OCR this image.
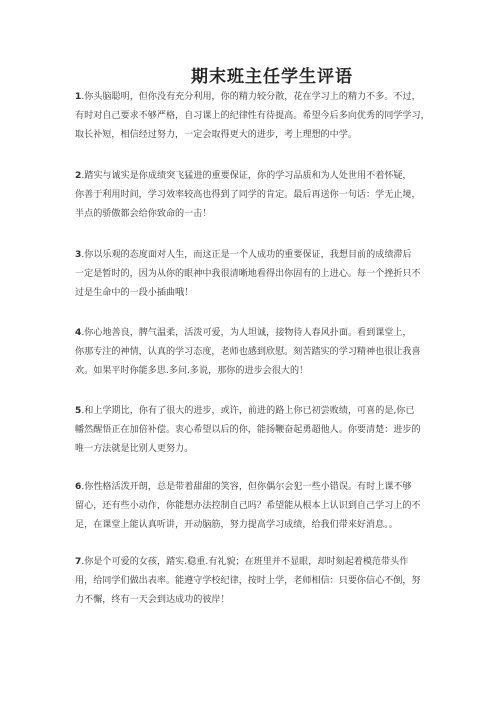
期末班主任学生评语
1.你头脑聪明，但你没有充分利用，你的精力较分散，花在学习上的精力不多。不过，
有时对自己要求不够严格，自习课上的纪律性有待提高。希望今后多向优秀的同学学习，
取长补短，相信经过努力，一定会取得更大的进步，考上理想的中学。
2.踏实与诚实是你成绩突飞猛进的重要保证，你的学习品质和为人处世用不着怀疑，
你善于利用时间，学习效率较高也得到了同学的肯定。最后再送你一句话：学无止境，
半点的骄傲都会给你致命的一击！
3.你以乐观的态度面对人生，而这正是一个人成功的重要保证，我想目前的成绩滞后
一定是暂时的，因为从你的眼神中我很清晰地看得出你固有的上进心。每一个挫折只不
过是生命中的一段小插曲哦！
4.你心地善良，脾气温柔，活泼可爱，为人坦诚，接物待人春风扑面。看到课堂上，
你那专注的神情，认真的学习态度，老师也感到欣慰。刻苦踏实的学习精神也很让我喜
欢。如果平时你能多思.多问.多说，那你的进步会很大的！
5.和上学期比，你有了很大的进步，或许，前进的路上你已初尝败绩，可喜的是,你已
幡然醒悟正在加倍补偿。衷心希望以后的你，能扬鞭奋起勇超他人。你要清楚：进步的
唯一方法就是比别人更努力。
6.你性格活泼开朗，总是带着甜甜的笑容，但你偶尔会犯一些小错误。有时上课不够
留心，还有些小动作，你能想办法控制自己吗？希望能从根本上认识到自己学习上的不
足，在课堂上能认真听讲，开动脑筋，努力提高学习成绩，给我们带来好消息。。
7.你是个可爱的女孩，踏实.稳重.有礼貌；在班里并不显眼，却时刻起着模范带头作
用，给同学们做出表率。能遵守学校纪律，按时上学，老师相信：只要你信心不倒，努
力不懈，终有一天会到达成功的彼岸！
